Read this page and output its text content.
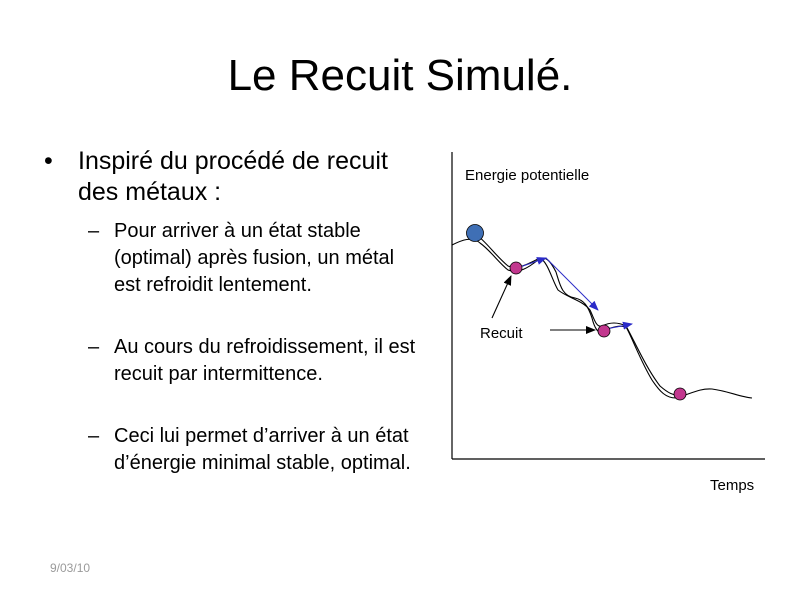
Le Recuit Simulé.
• Inspiré du procédé de recuit des métaux :
– Pour arriver à un état stable (optimal) après fusion, un métal est refroidit lentement.
– Au cours du refroidissement, il est recuit par intermittence.
– Ceci lui permet d’arriver à un état d’énergie minimal stable, optimal.
Energie potentielle
Temps
Recuit
9/03/10
